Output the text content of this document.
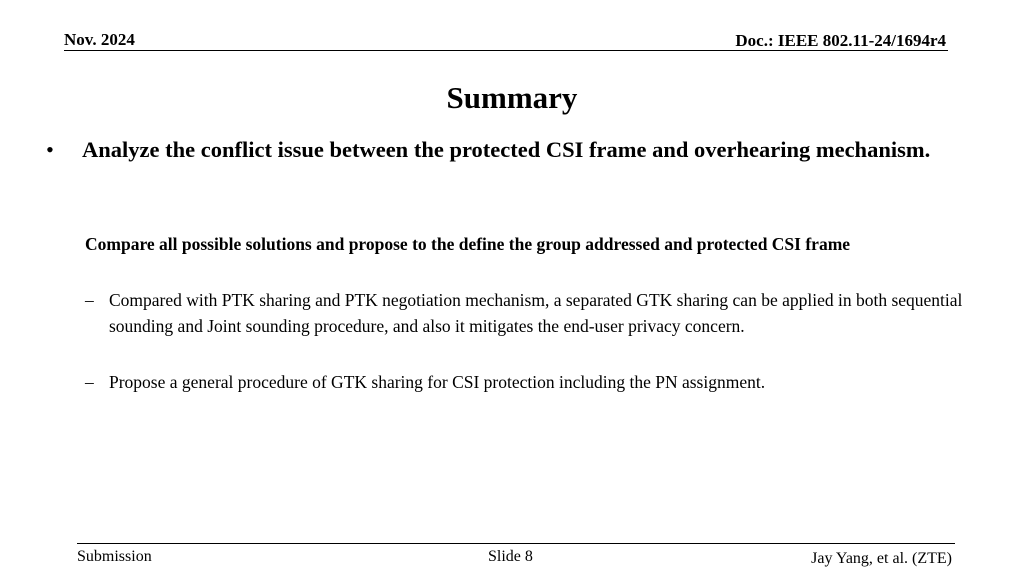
Nov. 2024	Doc.: IEEE 802.11-24/1694r4
Summary
•	Analyze the conflict issue between the protected CSI frame and overhearing mechanism.
Compare all possible solutions and propose to the define the group addressed and protected CSI frame
– Compared with PTK sharing and PTK negotiation mechanism, a separated GTK sharing can be applied in both sequential sounding and Joint sounding procedure, and also it mitigates the end-user privacy concern.
– Propose a general procedure of GTK sharing for CSI protection including the PN assignment.
Submission	Slide 8	Jay Yang, et al. (ZTE)
